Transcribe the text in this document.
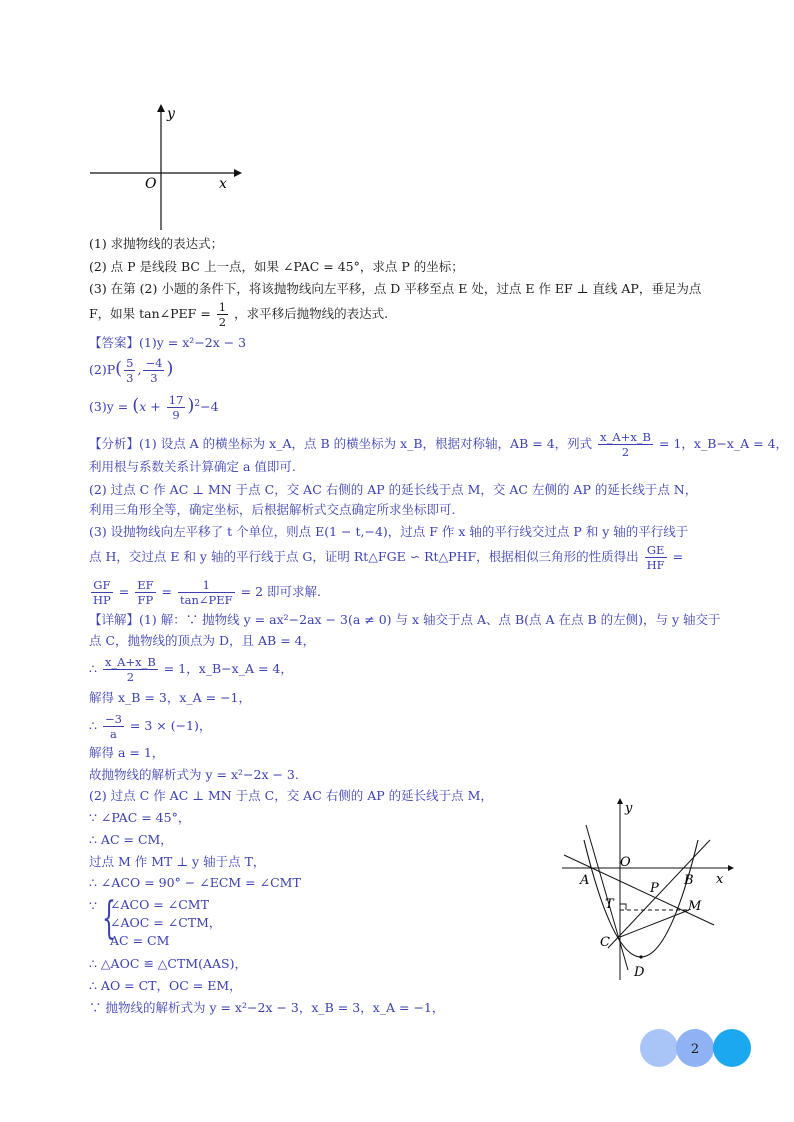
y
x
O
(1) 求抛物线的表达式；
(2) 点 P 是线段 BC 上一点，如果 ∠PAC = 45°，求点 P 的坐标；
(3) 在第 (2) 小题的条件下，将该抛物线向左平移，点 D 平移至点 E 处，过点 E 作 EF ⊥ 直线 AP，垂足为点
F，如果 tan∠PEF = $\frac{1}{2}$ ，求平移后抛物线的表达式.
【答案】(1)y = x²−2x − 3
$(2)P( \frac{5}{3}$ , $\frac{-4}{3}$ )
$(3)y = (x + \frac{17}{9} )^2-4$
【分析】(1) 设点 A 的横坐标为 x_A，点 B 的横坐标为 x_B，根据对称轴，AB = 4，列式 $\frac{x\_A+x\_B}{2} = 1$，x_B−x_A = 4，
利用根与系数关系计算确定 a 值即可.
(2) 过点 C 作 AC ⊥ MN 于点 C，交 AC 右侧的 AP 的延长线于点 M，交 AC 左侧的 AP 的延长线于点 N，
利用三角形全等，确定坐标，后根据解析式交点确定所求坐标即可.
(3) 设抛物线向左平移了 t 个单位，则点 E(1 − t,−4)，过点 F 作 x 轴的平行线交过点 P 和 y 轴的平行线于
点 H，交过点 E 和 y 轴的平行线于点 G，证明 Rt△FGE ∽ Rt△PHF，根据相似三角形的性质得出 $\frac{GE}{HF}$ =
$\frac{GF}{HP} = \frac{EF}{FP} = \frac{1}{\text{tan∠PEF}} = 2$ 即可求解.
【详解】(1) 解：∵ 抛物线 y = ax²−2ax − 3(a ≠ 0) 与 x 轴交于点 A、点 B(点 A 在点 B 的左侧)，与 y 轴交于
点 C，抛物线的顶点为 D，且 AB = 4，
∴ $\frac{x\_A+x\_B}{2} = 1$，x_B−x_A = 4，
解得 x_B = 3，x_A = −1，
∴ $\frac{-3}{a} = 3 \times (-1)$，
解得 a = 1，
故抛物线的解析式为 y = x²−2x − 3.
(2) 过点 C 作 AC ⊥ MN 于点 C，交 AC 右侧的 AP 的延长线于点 M，
∵ ∠PAC = 45°，
∴ AC = CM，
过点 M 作 MT ⊥ y 轴于点 T，
∴ ∠ACO = 90° − ∠ECM = ∠CMT
∵ {
∠ACO = ∠CMT
∠AOC = ∠CTM，
AC = CM
∴ △AOC ≌ △CTM(AAS)，
∴ AO = CT，OC = EM，
∵ 抛物线的解析式为 y = x²−2x − 3，x_B = 3，x_A = −1，
y
x
O
A	B
P
M
T
C
D
2
